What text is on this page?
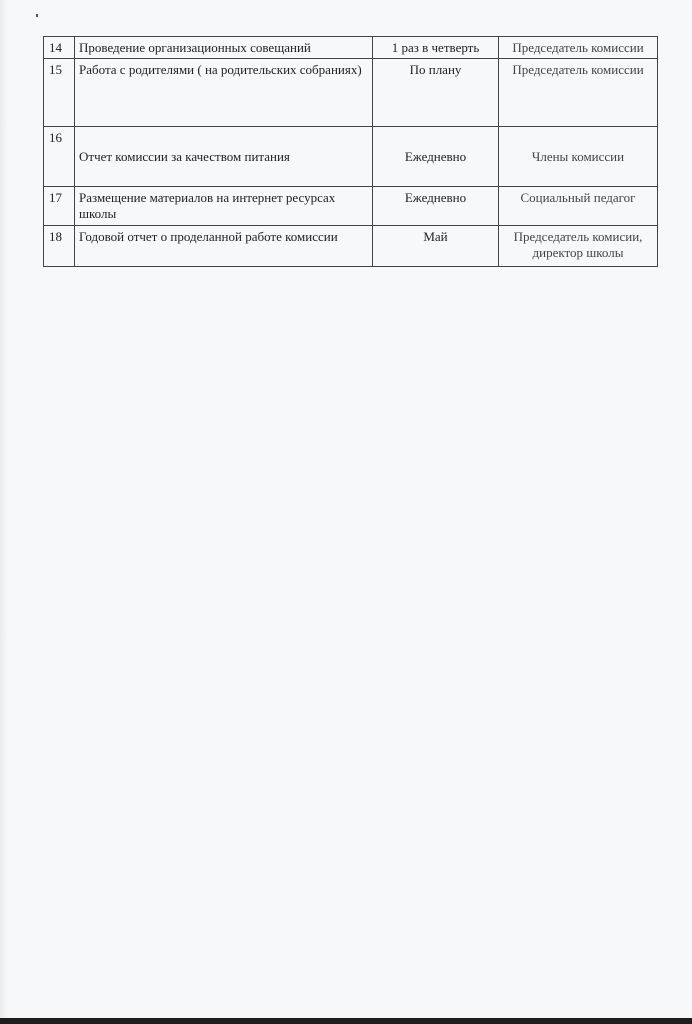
14	Проведение организационных совещаний	1 раз в четверть	Председатель комиссии
15	Работа с родителями ( на родительских собраниях)	По плану	Председатель комиссии
16	Отчет комиссии за качеством питания	Ежедневно	Члены комиссии

17	Размещение материалов на интернет ресурсах школы	Ежедневно	Социальный педагог
18	Годовой отчет о проделанной работе комиссии	Май	Председатель комисии, директор школы
